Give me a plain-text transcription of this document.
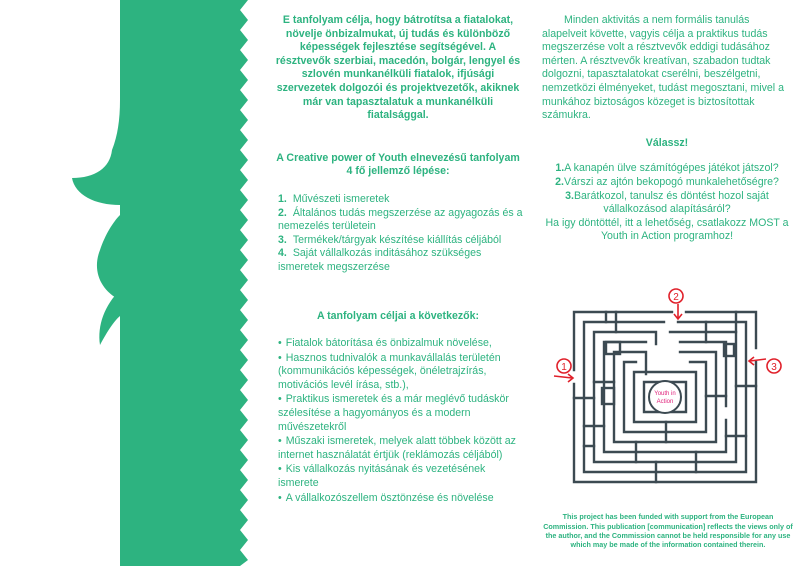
E tanfolyam célja, hogy bátrotítsa a fiatalokat, növelje önbizalmukat, új tudás és különböző képességek fejlesztése segítségével. A résztvevők szerbiai, macedón, bolgár, lengyel és szlovén munkanélküli fiatalok, ifjúsági szervezetek dolgozói és projektvezetők, akiknek már van tapasztalatuk a munkanélküli fiatalsággal.

A Creative power of Youth elnevezésű tanfolyam 4 fő jellemző lépése:

1. Művészeti ismeretek
2. Általános tudás megszerzése az agyagozás és a nemezelés területein
3. Termékek/tárgyak készítése kiállítás céljából
4. Saját vállalkozás inditásához szükséges ismeretek megszerzése

A tanfolyam céljai a következők:

• Fiatalok bátorítása és önbizalmuk növelése,
• Hasznos tudnivalók a munkavállalás területén (kommunikációs képességek, önéletrajzírás, motivációs levél írása, stb.),
• Praktikus ismeretek és a már meglévő tudáskör szélesítése a hagyományos és a modern művészetekről
• Műszaki ismeretek, melyek alatt többek között az internet használatát értjük (reklámozás céljából)
• Kis vállalkozás nyitásának és vezetésének ismerete
• A vállalkozószellem ösztönzése és növelése

Minden aktivitás a nem formális tanulás alapelveit követte, vagyis célja a praktikus tudás megszerzése volt a résztvevők eddigi tudásához mérten. A résztvevők kreatívan, szabadon tudtak dolgozni, tapasztalatokat cserélni, beszélgetni, nemzetközi élményeket, tudást megosztani, mivel a munkához biztoságos közeget is biztosítottak számukra.

Válassz!

1.A kanapén ülve számítógépes játékot játszol?

2.Várszi az ajtón bekopogó munkalehetőségre?

3.Barátkozol, tanulsz és döntést hozol saját vállalkozásod alapításáról?

Ha igy döntöttél, itt a lehetőség, csatlakozz MOST a Youth in Action programhoz!

Youth in
Action
1
2
3

This project has been funded with support from the European Commission. This publication [communication] reflects the views only of the author, and the Commission cannot be held responsible for any use which may be made of the information contained therein.
